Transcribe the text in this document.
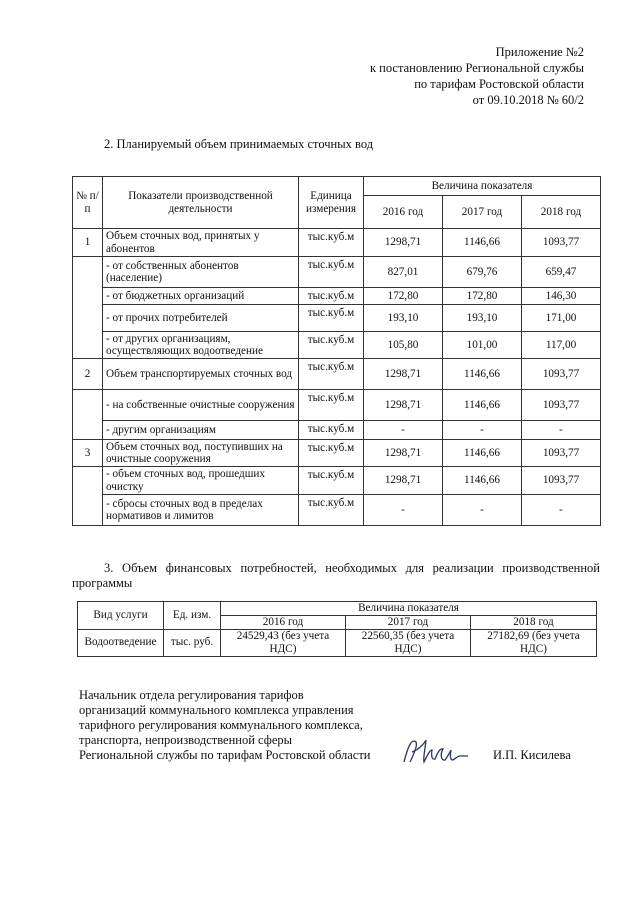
Приложение №2
к постановлению Региональной службы
по тарифам Ростовской области
от 09.10.2018 № 60/2
2. Планируемый объем принимаемых сточных вод
№ п/п	Показатели производственной деятельности	Единица измерения	Величина показателя		
			2016 год	2017 год	2018 год
1	Объем сточных вод, принятых у абонентов	тыс.куб.м	1298,71	1146,66	1093,77
	- от собственных абонентов (население)	тыс.куб.м	827,01	679,76	659,47
	- от бюджетных организаций	тыс.куб.м	172,80	172,80	146,30
	- от прочих потребителей	тыс.куб.м	193,10	193,10	171,00
	- от других организациям, осуществляющих водоотведение	тыс.куб.м	105,80	101,00	117,00
2	Объем транспортируемых сточных вод	тыс.куб.м	1298,71	1146,66	1093,77
	- на собственные очистные сооружения	тыс.куб.м	1298,71	1146,66	1093,77
	- другим организациям	тыс.куб.м	-	-	-
3	Объем сточных вод, поступивших на очистные сооружения	тыс.куб.м	1298,71	1146,66	1093,77
	- объем сточных вод, прошедших очистку	тыс.куб.м	1298,71	1146,66	1093,77
	- сбросы сточных вод в пределах нормативов и лимитов	тыс.куб.м	-	-	-
3. Объем финансовых потребностей, необходимых для реализации производственной программы
Вид услуги	Ед. изм.	Величина показателя		
		2016 год	2017 год	2018 год
Водоотведение	тыс. руб.	24529,43 (без учета НДС)	22560,35 (без учета НДС)	27182,69 (без учета НДС)
Начальник отдела регулирования тарифов
организаций коммунального комплекса управления
тарифного регулирования коммунального комплекса,
транспорта, непроизводственной сферы
Региональной службы по тарифам Ростовской области	И.П. Кисилева
